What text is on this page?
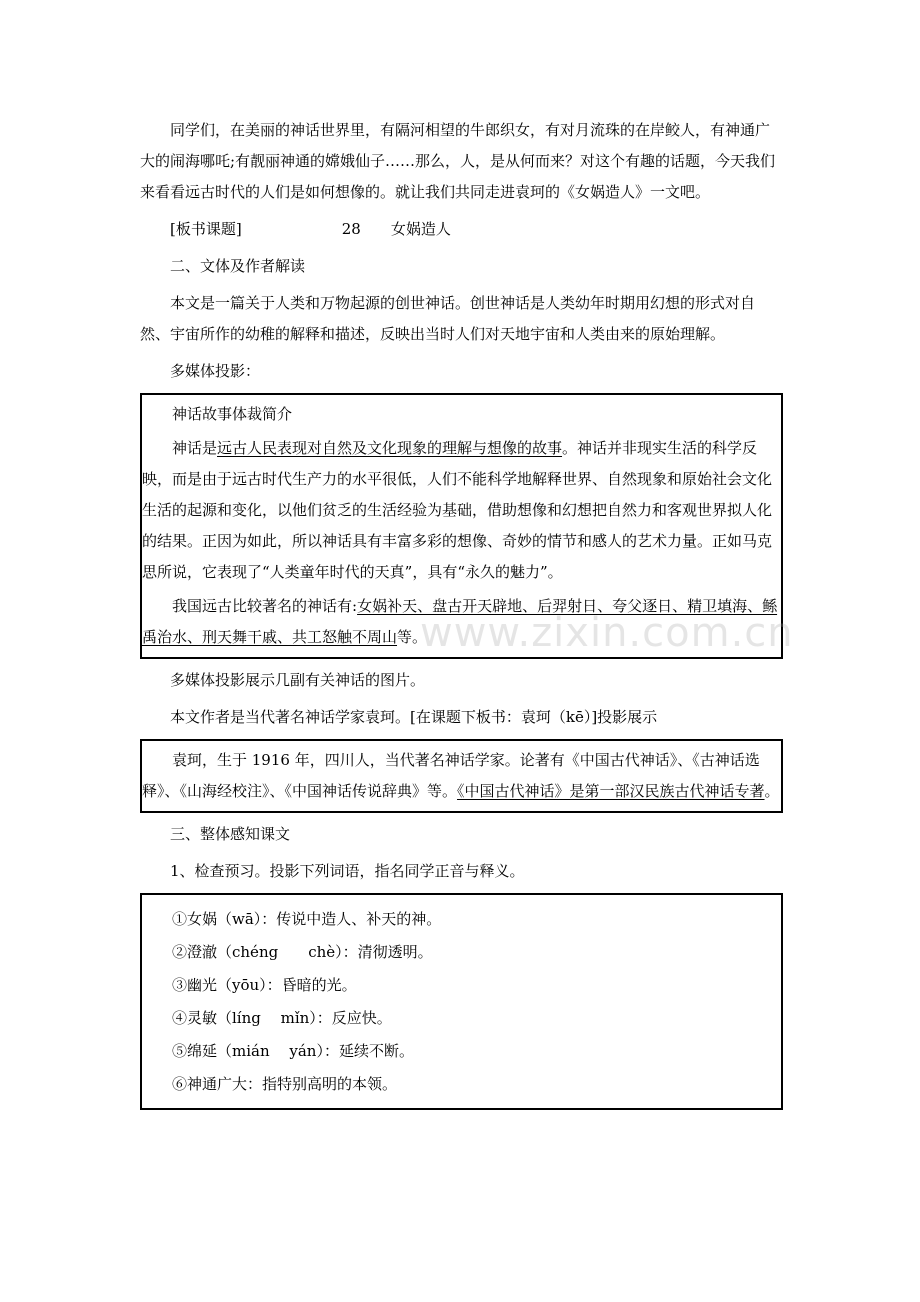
同学们，在美丽的神话世界里，有隔河相望的牛郎织女，有对月流珠的在岸鲛人，有神通广大的闹海哪吒;有靓丽神通的嫦娥仙子……那么，人，是从何而来？对这个有趣的话题，今天我们来看看远古时代的人们是如何想像的。就让我们共同走进袁珂的《女娲造人》一文吧。

[板书课题]	28 女娲造人

二、文体及作者解读

本文是一篇关于人类和万物起源的创世神话。创世神话是人类幼年时期用幻想的形式对自然、宇宙所作的幼稚的解释和描述，反映出当时人们对天地宇宙和人类由来的原始理解。

多媒体投影：

神话故事体裁简介

神话是远古人民表现对自然及文化现象的理解与想像的故事。神话并非现实生活的科学反映，而是由于远古时代生产力的水平很低，人们不能科学地解释世界、自然现象和原始社会文化生活的起源和变化，以他们贫乏的生活经验为基础，借助想像和幻想把自然力和客观世界拟人化的结果。正因为如此，所以神话具有丰富多彩的想像、奇妙的情节和感人的艺术力量。正如马克思所说，它表现了“人类童年时代的天真”，具有“永久的魅力”。

我国远古比较著名的神话有:女娲补天、盘古开天辟地、后羿射日、夸父逐日、精卫填海、鲧禹治水、刑天舞干戚、共工怒触不周山等。

多媒体投影展示几副有关神话的图片。

本文作者是当代著名神话学家袁珂。[在课题下板书：袁珂（kē）]投影展示

袁珂，生于 1916 年，四川人，当代著名神话学家。论著有《中国古代神话》、《古神话选释》、《山海经校注》、《中国神话传说辞典》等。《中国古代神话》是第一部汉民族古代神话专著。

三、整体感知课文

1、检查预习。投影下列词语，指名同学正音与释义。

①女娲（wā）：传说中造人、补天的神。

②澄澈（chéng　　chè）：清彻透明。

③幽光（yōu）：昏暗的光。

④灵敏（líng　 mǐn）：反应快。

⑤绵延（mián　 yán）：延续不断。

⑥神通广大：指特别高明的本领。

www.zixin.com.cn
